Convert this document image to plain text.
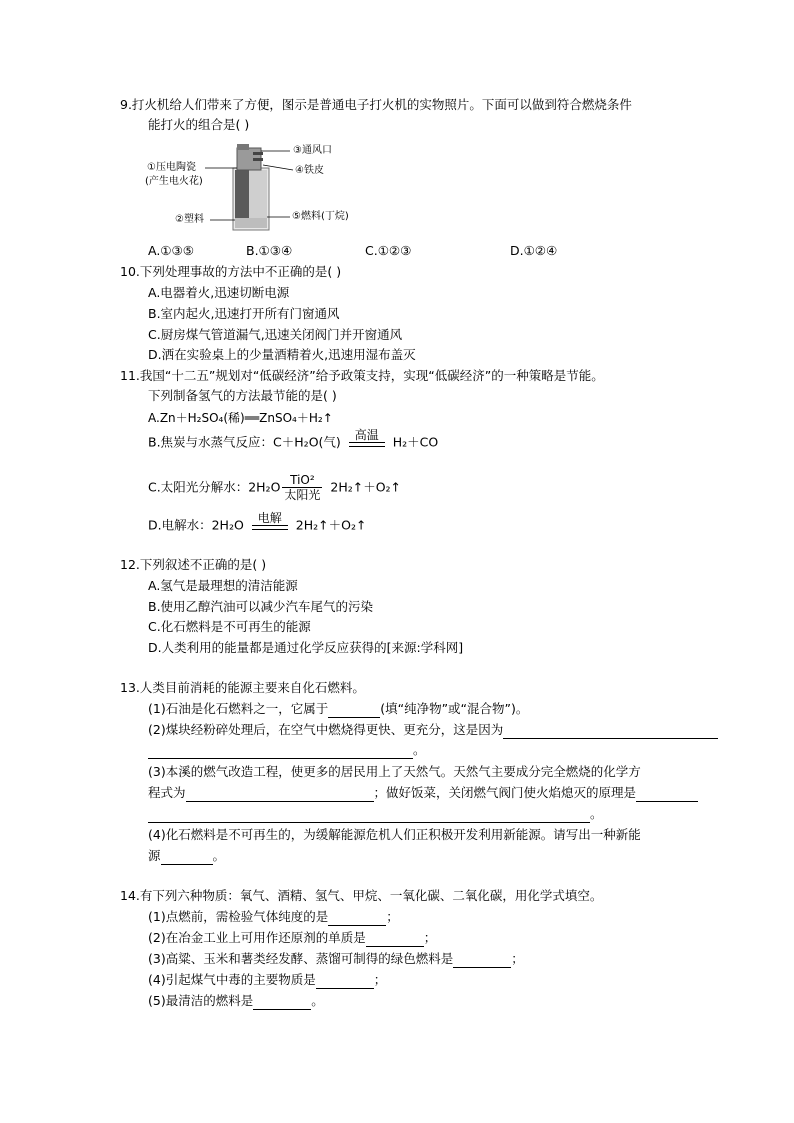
9.打火机给人们带来了方便，图示是普通电子打火机的实物照片。下面可以做到符合燃烧条件
能打火的组合是( )
①压电陶瓷
(产生电火花)
②塑料
③通风口
④铁皮
⑤燃料(丁烷)
A.①③⑤	B.①③④	C.①②③	D.①②④
10.下列处理事故的方法中不正确的是( )
A.电器着火,迅速切断电源
B.室内起火,迅速打开所有门窗通风
C.厨房煤气管道漏气,迅速关闭阀门并开窗通风
D.洒在实验桌上的少量酒精着火,迅速用湿布盖灭
11.我国“十二五”规划对“低碳经济”给予政策支持，实现“低碳经济”的一种策略是节能。
下列制备氢气的方法最节能的是( )
A.Zn＋H₂SO₄(稀)══ZnSO₄＋H₂↑
B.焦炭与水蒸气反应：C＋H₂O(气)	高温	H₂＋CO
C.太阳光分解水：2H₂O TiO²
太阳光
2H₂↑＋O₂↑
D.电解水：2H₂O	电解	2H₂↑＋O₂↑
12.下列叙述不正确的是( )
A.氢气是最理想的清洁能源
B.使用乙醇汽油可以减少汽车尾气的污染
C.化石燃料是不可再生的能源
D.人类利用的能量都是通过化学反应获得的[来源:学科网]
13.人类目前消耗的能源主要来自化石燃料。
(1)石油是化石燃料之一，它属于	(填“纯净物”或“混合物”)。
(2)煤块经粉碎处理后，在空气中燃烧得更快、更充分，这是因为
。
(3)本溪的燃气改造工程，使更多的居民用上了天然气。天然气主要成分完全燃烧的化学方
程式为	；做好饭菜，关闭燃气阀门使火焰熄灭的原理是
。
(4)化石燃料是不可再生的，为缓解能源危机人们正积极开发利用新能源。请写出一种新能
源	。
14.有下列六种物质：氧气、酒精、氢气、甲烷、一氧化碳、二氧化碳，用化学式填空。
(1)点燃前，需检验气体纯度的是	；
(2)在冶金工业上可用作还原剂的单质是	；
(3)高粱、玉米和薯类经发酵、蒸馏可制得的绿色燃料是	；
(4)引起煤气中毒的主要物质是	；
(5)最清洁的燃料是	。
